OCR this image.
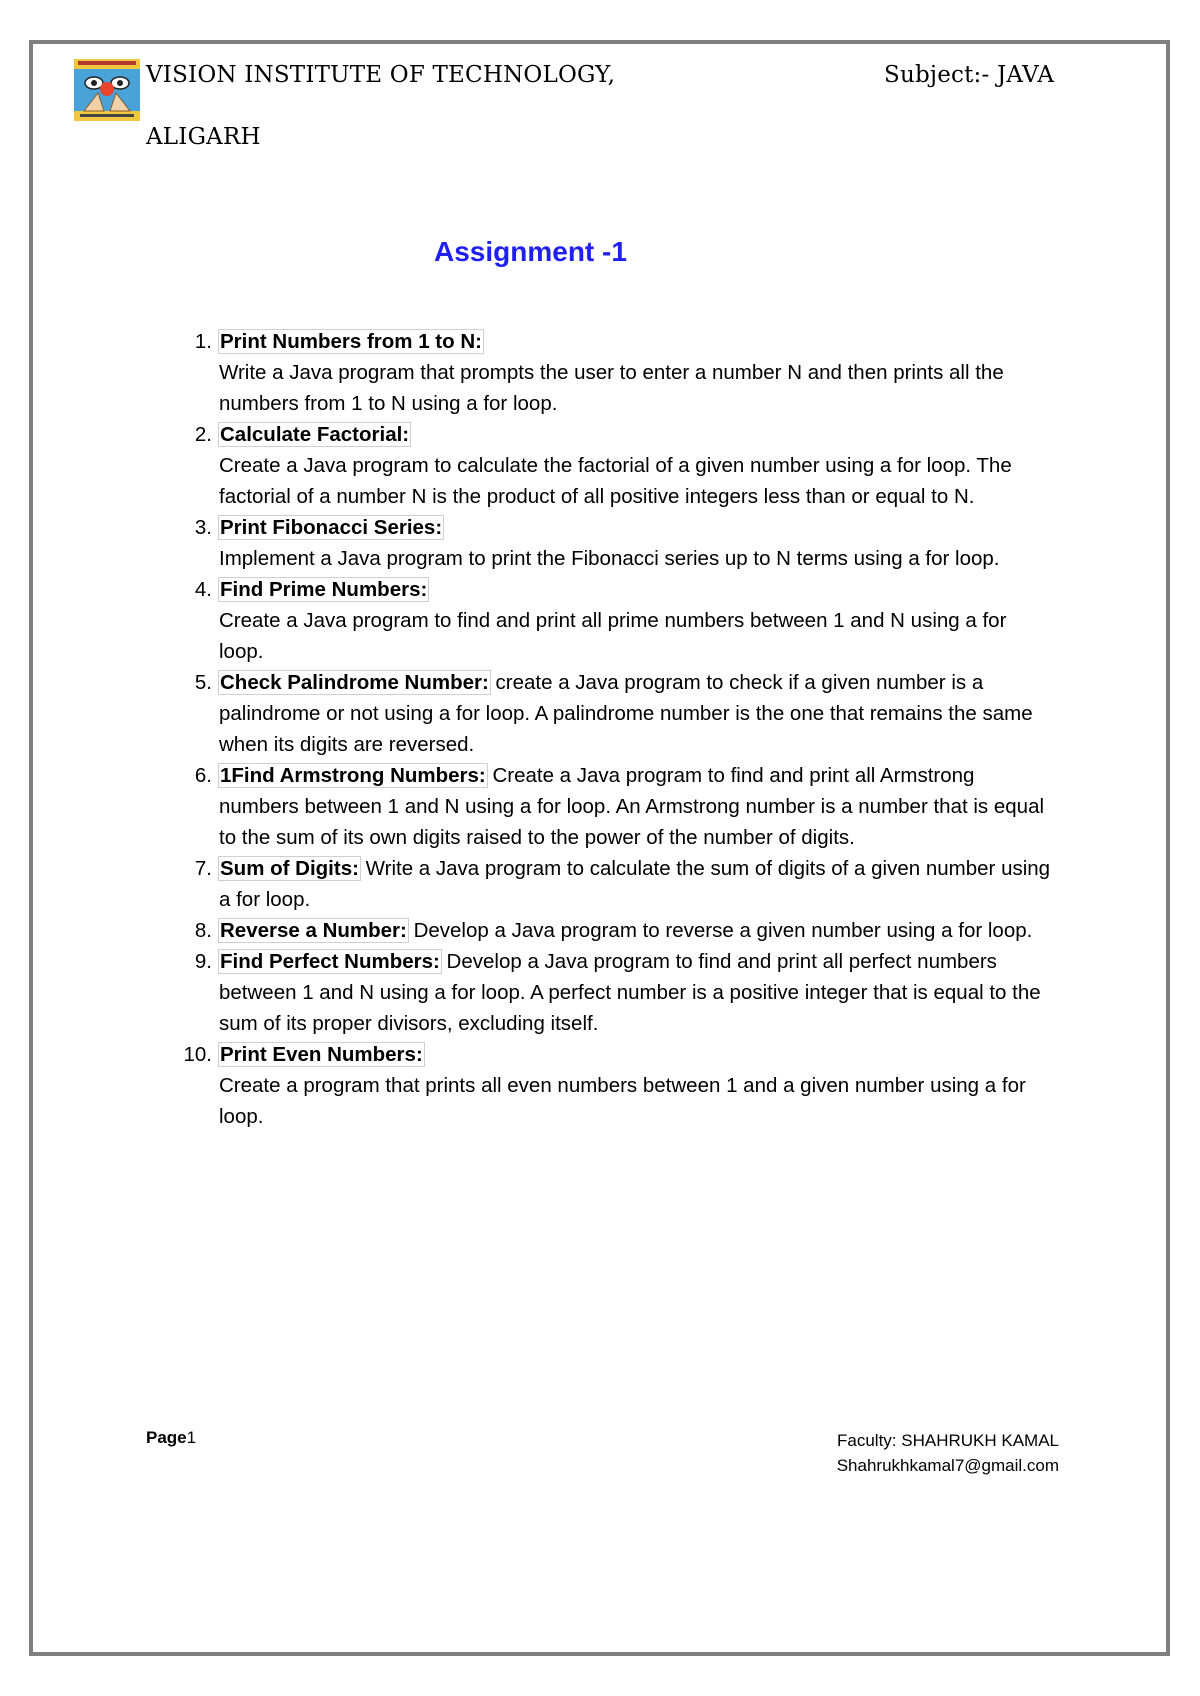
VISION INSTITUTE OF TECHNOLOGY,
ALIGARH
Subject:- JAVA
Assignment -1
1. Print Numbers from 1 to N:
Write a Java program that prompts the user to enter a number N and then prints all the numbers from 1 to N using a for loop.
2. Calculate Factorial:
Create a Java program to calculate the factorial of a given number using a for loop. The factorial of a number N is the product of all positive integers less than or equal to N.
3. Print Fibonacci Series:
Implement a Java program to print the Fibonacci series up to N terms using a for loop.
4. Find Prime Numbers:
Create a Java program to find and print all prime numbers between 1 and N using a for loop.
5. Check Palindrome Number: create a Java program to check if a given number is a palindrome or not using a for loop. A palindrome number is the one that remains the same when its digits are reversed.
6. 1Find Armstrong Numbers: Create a Java program to find and print all Armstrong numbers between 1 and N using a for loop. An Armstrong number is a number that is equal to the sum of its own digits raised to the power of the number of digits.
7. Sum of Digits: Write a Java program to calculate the sum of digits of a given number using a for loop.
8. Reverse a Number: Develop a Java program to reverse a given number using a for loop.
9. Find Perfect Numbers: Develop a Java program to find and print all perfect numbers between 1 and N using a for loop. A perfect number is a positive integer that is equal to the sum of its proper divisors, excluding itself.
10. Print Even Numbers:
Create a program that prints all even numbers between 1 and a given number using a for loop.
Page1	Faculty: SHAHRUKH KAMAL
Shahrukhkamal7@gmail.com
